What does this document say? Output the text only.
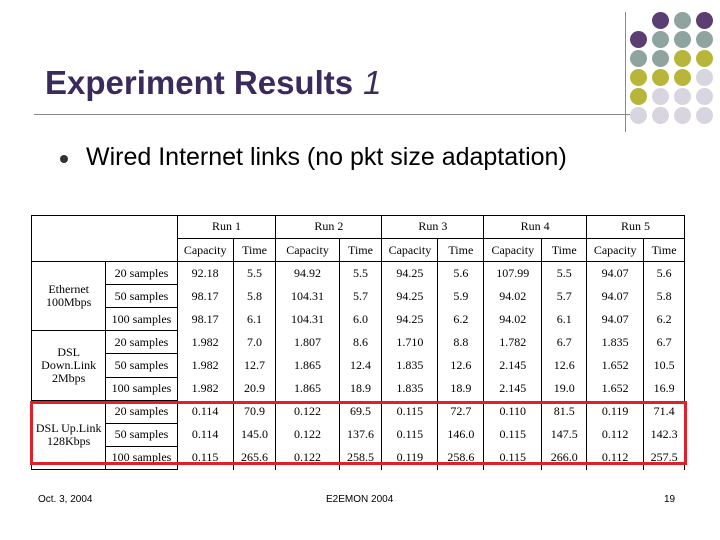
Experiment Results 1
Wired Internet links (no pkt size adaptation)
		Run 1		Run 2		Run 3		Run 4		Run 5	
		Capacity	Time	Capacity	Time	Capacity	Time	Capacity	Time	Capacity	Time
Ethernet 100Mbps	20 samples	92.18	5.5	94.92	5.5	94.25	5.6	107.99	5.5	94.07	5.6
	50 samples	98.17	5.8	104.31	5.7	94.25	5.9	94.02	5.7	94.07	5.8
	100 samples	98.17	6.1	104.31	6.0	94.25	6.2	94.02	6.1	94.07	6.2
DSL Down.Link 2Mbps	20 samples	1.982	7.0	1.807	8.6	1.710	8.8	1.782	6.7	1.835	6.7
	50 samples	1.982	12.7	1.865	12.4	1.835	12.6	2.145	12.6	1.652	10.5
	100 samples	1.982	20.9	1.865	18.9	1.835	18.9	2.145	19.0	1.652	16.9
DSL Up.Link 128Kbps	20 samples	0.114	70.9	0.122	69.5	0.115	72.7	0.110	81.5	0.119	71.4
	50 samples	0.114	145.0	0.122	137.6	0.115	146.0	0.115	147.5	0.112	142.3
	100 samples	0.115	265.6	0.122	258.5	0.119	258.6	0.115	266.0	0.112	257.5
Oct. 3, 2004	E2EMON 2004	19
